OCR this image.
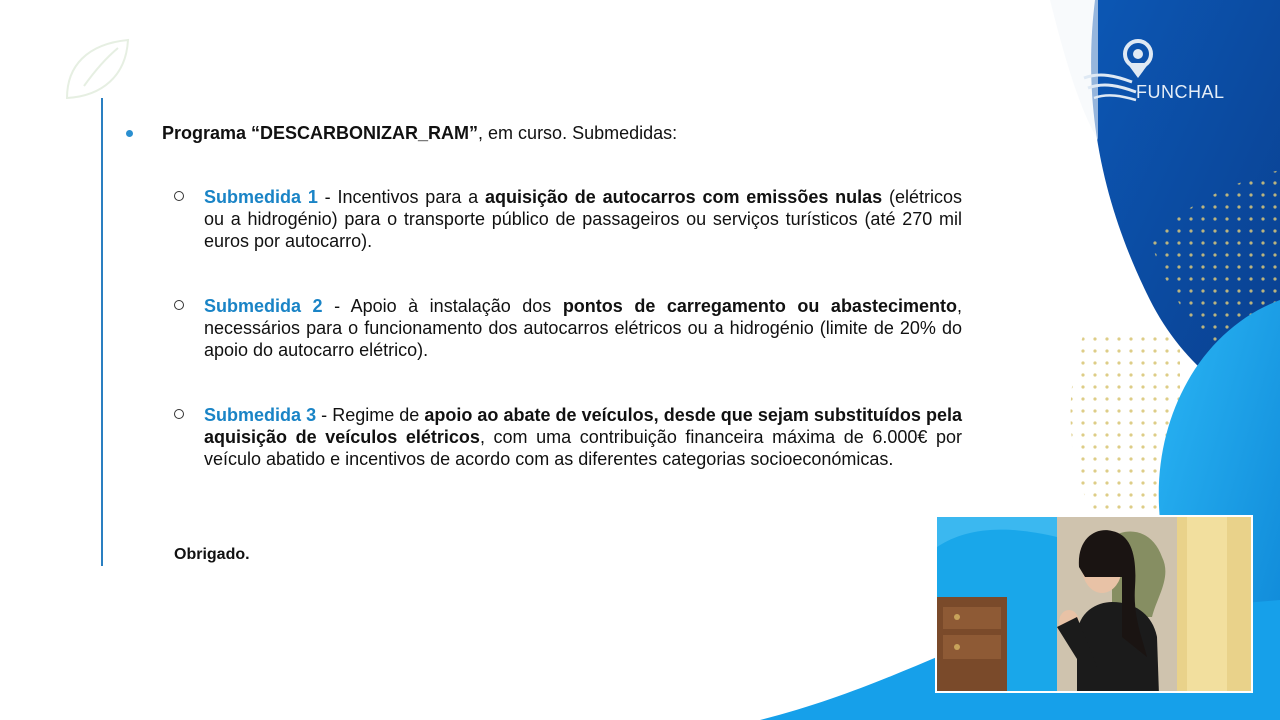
FUNCHAL
Programa “DESCARBONIZAR_RAM”, em curso. Submedidas:
Submedida 1 - Incentivos para a aquisição de autocarros com emissões nulas (elétricos ou a hidrogénio) para o transporte público de passageiros ou serviços turísticos (até 270 mil euros por autocarro).
Submedida 2 - Apoio à instalação dos pontos de carregamento ou abastecimento, necessários para o funcionamento dos autocarros elétricos ou a hidrogénio (limite de 20% do apoio do autocarro elétrico).
Submedida 3 - Regime de apoio ao abate de veículos, desde que sejam substituídos pela aquisição de veículos elétricos, com uma contribuição financeira máxima de 6.000€ por veículo abatido e incentivos de acordo com as diferentes categorias socioeconómicas.
Obrigado.
